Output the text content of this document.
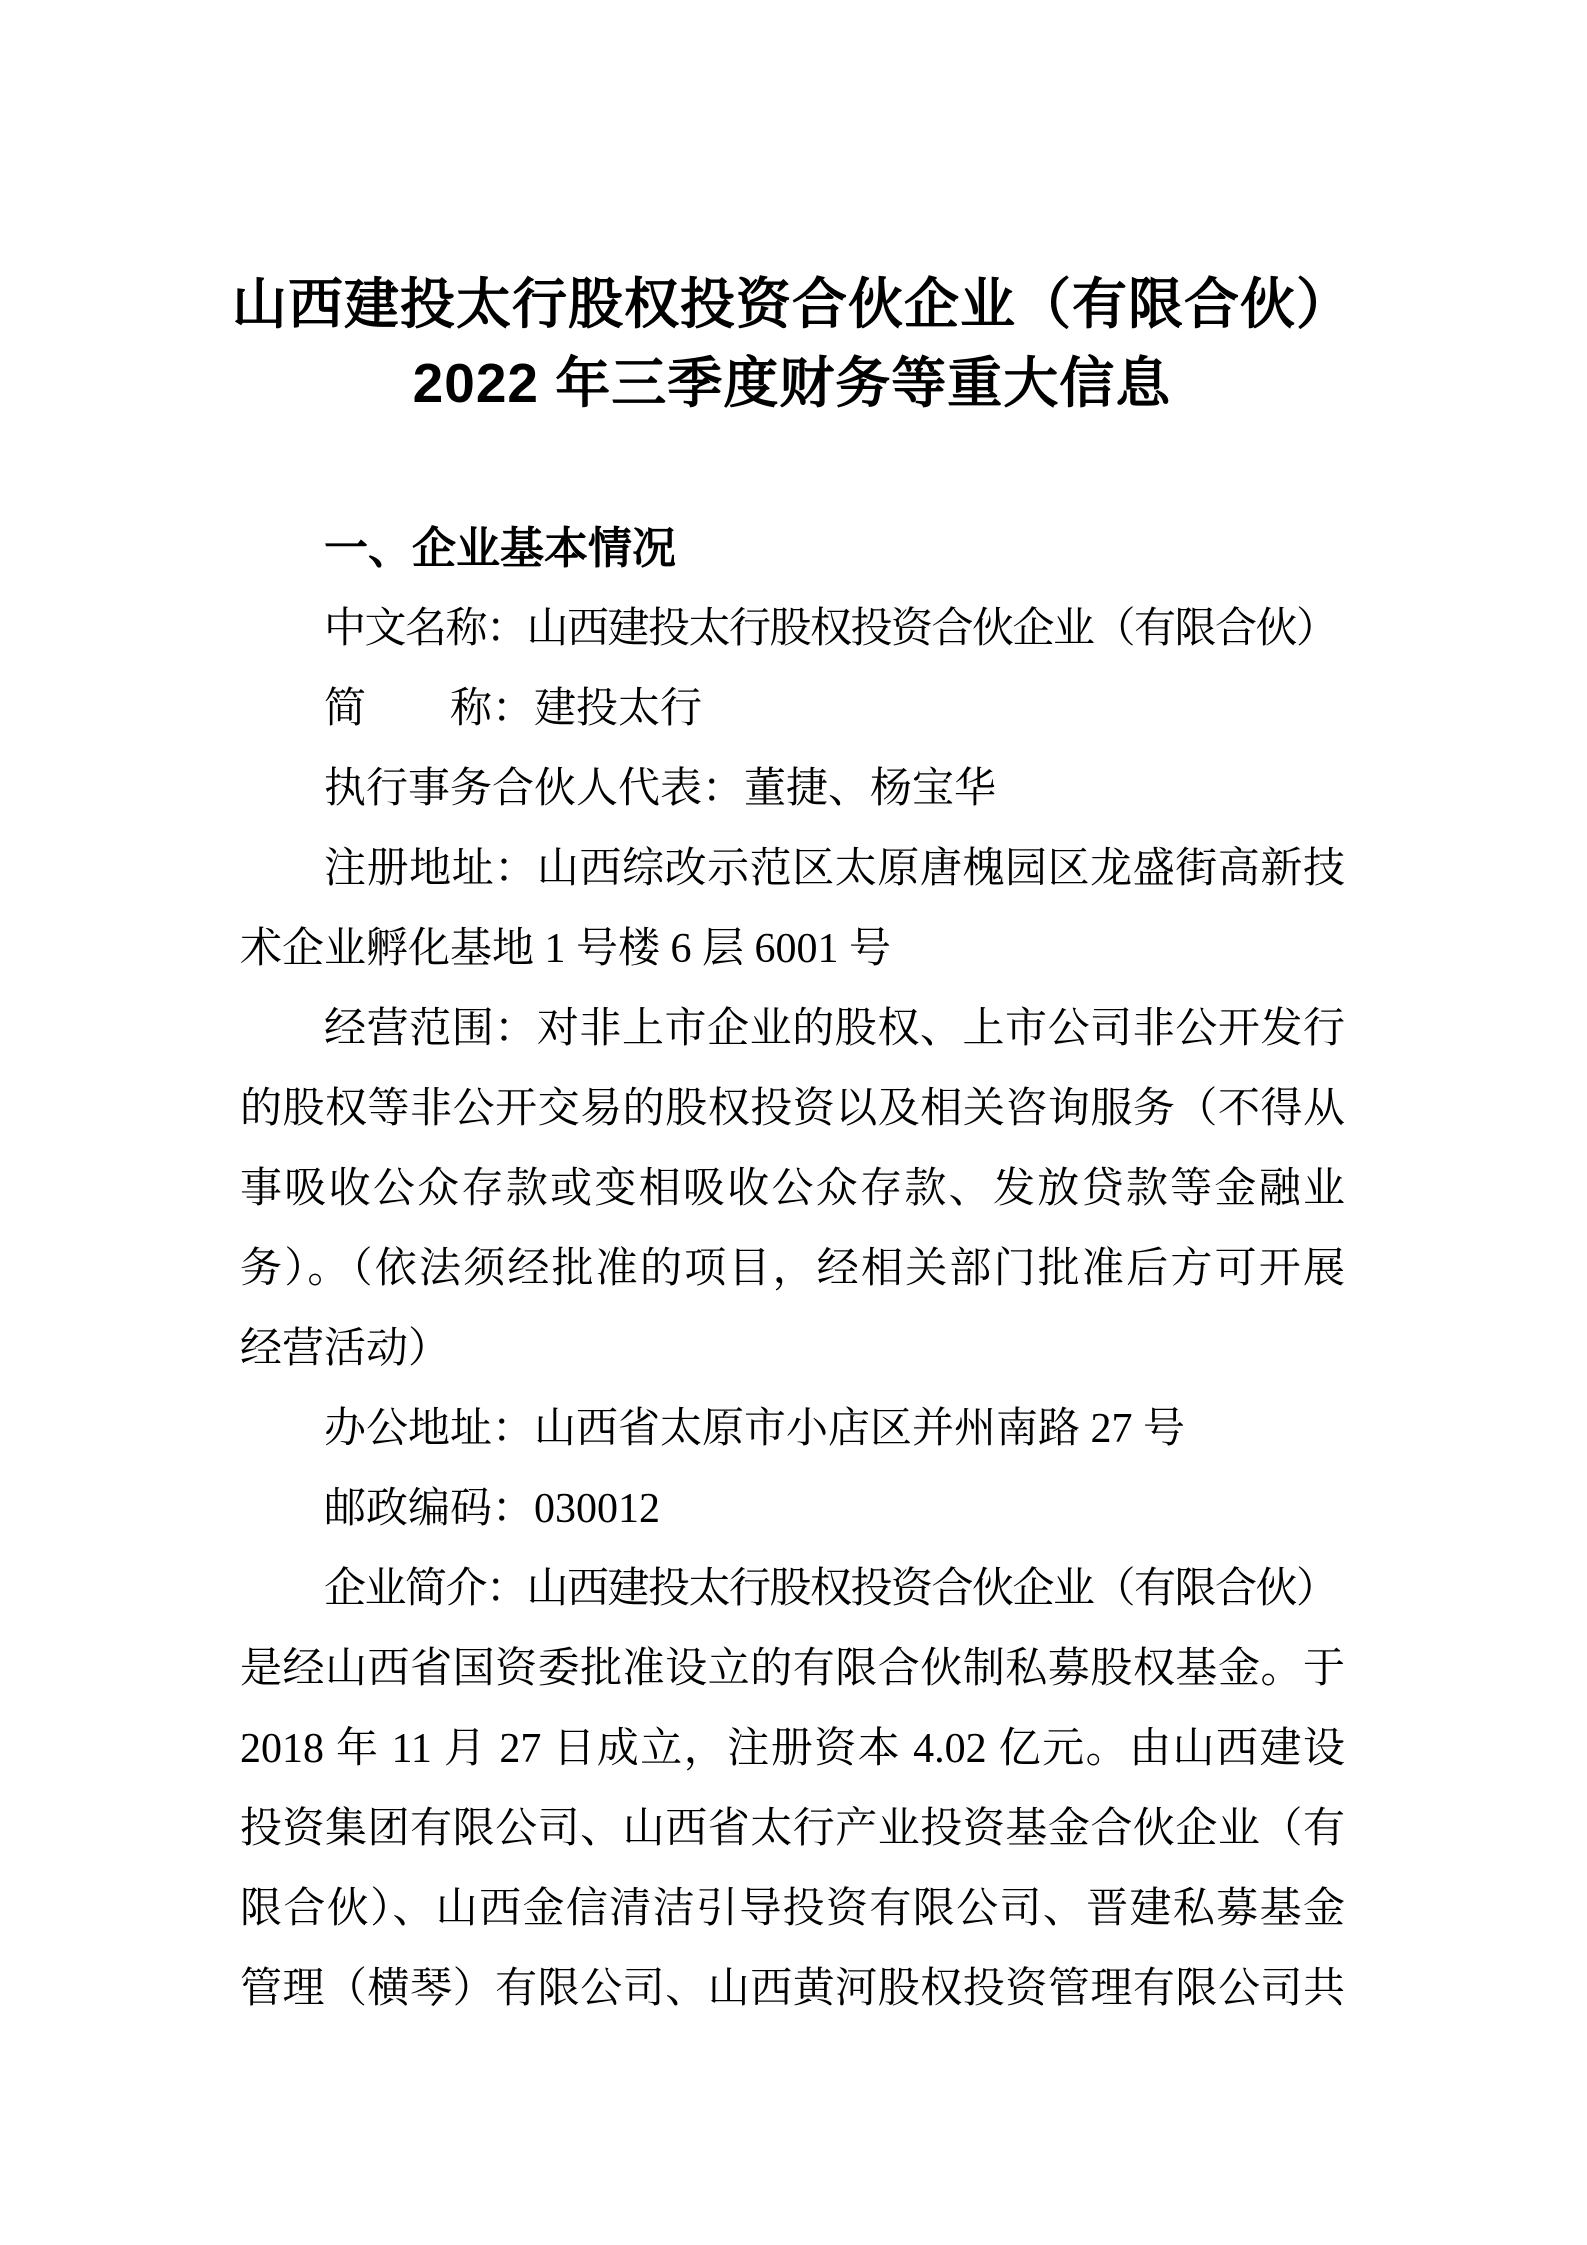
山西建投太行股权投资合伙企业（有限合伙）
2022 年三季度财务等重大信息
一、企业基本情况
中文名称：山西建投太行股权投资合伙企业（有限合伙）
简　　称：建投太行
执行事务合伙人代表：董捷、杨宝华
注册地址：山西综改示范区太原唐槐园区龙盛街高新技
术企业孵化基地 1 号楼 6 层 6001 号
经营范围：对非上市企业的股权、上市公司非公开发行
的股权等非公开交易的股权投资以及相关咨询服务（不得从
事吸收公众存款或变相吸收公众存款、发放贷款等金融业
务）。（依法须经批准的项目，经相关部门批准后方可开展
经营活动）
办公地址：山西省太原市小店区并州南路 27 号
邮政编码：030012
企业简介：山西建投太行股权投资合伙企业（有限合伙）
是经山西省国资委批准设立的有限合伙制私募股权基金。于
2018 年 11 月 27 日成立，注册资本 4.02 亿元。由山西建设
投资集团有限公司、山西省太行产业投资基金合伙企业（有
限合伙）、山西金信清洁引导投资有限公司、晋建私募基金
管理（横琴）有限公司、山西黄河股权投资管理有限公司共
